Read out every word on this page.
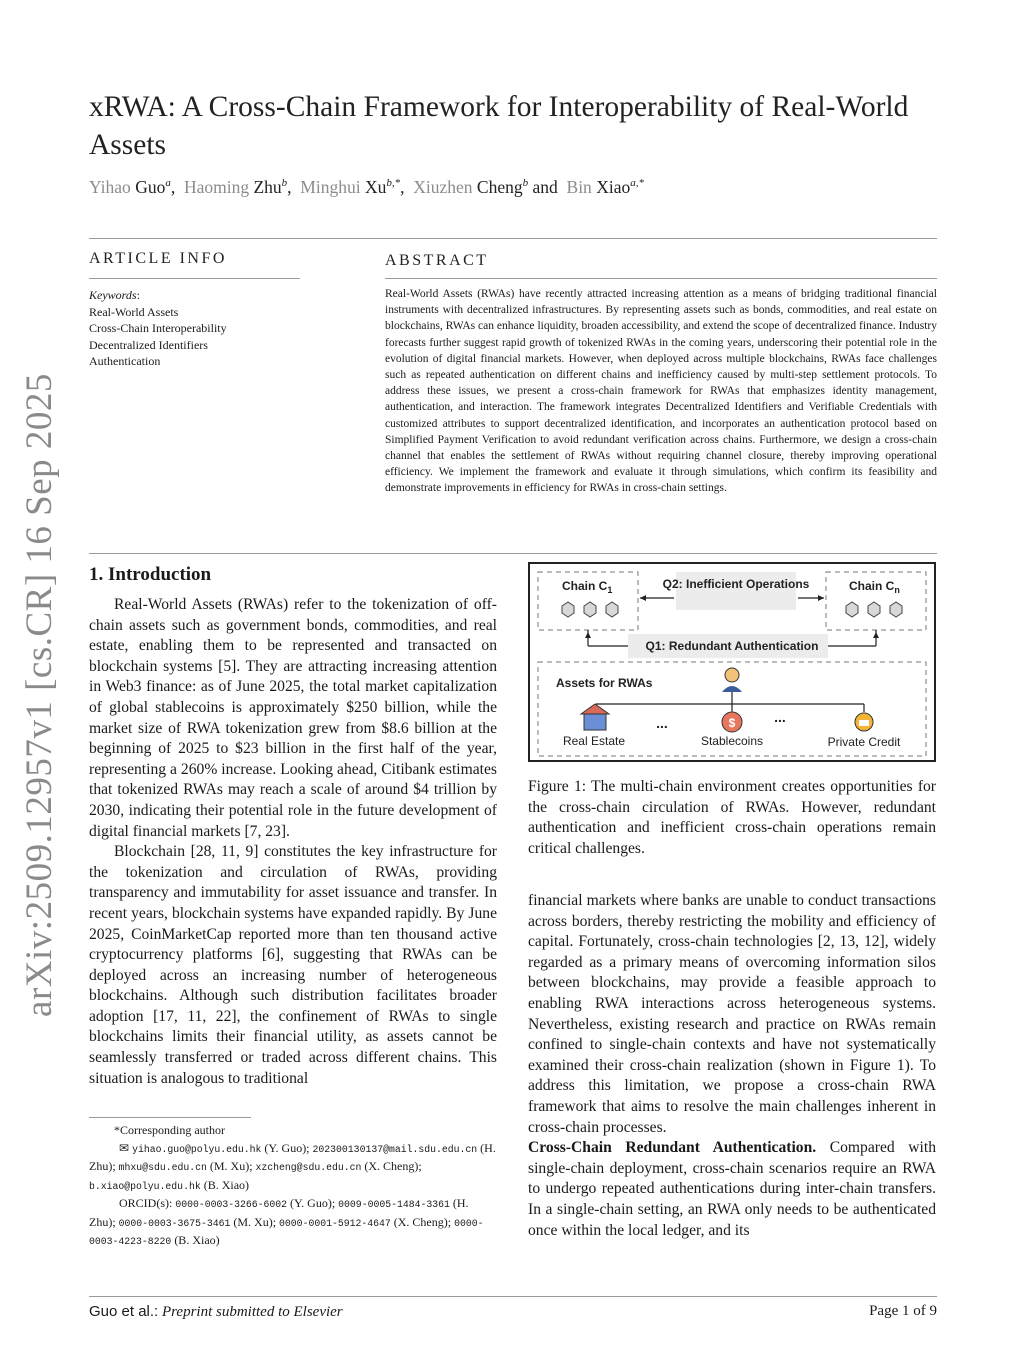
arXiv:2509.12957v1 [cs.CR] 16 Sep 2025
xRWA: A Cross-Chain Framework for Interoperability of Real-World Assets
Yihao Guo$^a$,  Haoming Zhu$^b$,  Minghui $Xu^{b,*}$,  Xiuzhen Cheng$^b$ and Bin Xiao$^{a,*}$
ARTICLE INFO
Keywords:
Real-World Assets
Cross-Chain Interoperability
Decentralized Identifiers
Authentication
ABSTRACT
Real-World Assets (RWAs) have recently attracted increasing attention as a means of bridging traditional financial instruments with decentralized infrastructures. By representing assets such as bonds, commodities, and real estate on blockchains, RWAs can enhance liquidity, broaden accessibility, and extend the scope of decentralized finance. Industry forecasts further suggest rapid growth of tokenized RWAs in the coming years, underscoring their potential role in the evolution of digital financial markets. However, when deployed across multiple blockchains, RWAs face challenges such as repeated authentication on different chains and inefficiency caused by multi-step settlement protocols. To address these issues, we present a cross-chain framework for RWAs that emphasizes identity management, authentication, and interaction. The framework integrates Decentralized Identifiers and Verifiable Credentials with customized attributes to support decentralized identification, and incorporates an authentication protocol based on Simplified Payment Verification to avoid redundant verification across chains. Furthermore, we design a cross-chain channel that enables the settlement of RWAs without requiring channel closure, thereby improving operational efficiency. We implement the framework and evaluate it through simulations, which confirm its feasibility and demonstrate improvements in efficiency for RWAs in cross-chain settings.
1. Introduction

Real-World Assets (RWAs) refer to the tokenization of off-chain assets such as government bonds, commodities, and real estate, enabling them to be represented and transacted on blockchain systems [5]. They are attracting increasing attention in Web3 finance: as of June 2025, the total market capitalization of global stablecoins is approximately $250 billion, while the market size of RWA tokenization grew from $8.6 billion at the beginning of 2025 to $23 billion in the first half of the year, representing a 260% increase. Looking ahead, Citibank estimates that tokenized RWAs may reach a scale of around $4 trillion by 2030, indicating their potential role in the future development of digital financial markets [7, 23].

Blockchain [28, 11, 9] constitutes the key infrastructure for the tokenization and circulation of RWAs, providing transparency and immutability for asset issuance and transfer. In recent years, blockchain systems have expanded rapidly. By June 2025, CoinMarketCap reported more than ten thousand active cryptocurrency platforms [6], suggesting that RWAs can be deployed across an increasing number of heterogeneous blockchains. Although such distribution facilitates broader adoption [17, 11, 22], the confinement of RWAs to single blockchains limits their financial utility, as assets cannot be seamlessly transferred or traded across different chains. This situation is analogous to traditional

Chain $C_1$	Chain $C_n$
Q2: Inefficient Operations
Q1: Redundant Authentication
Assets for RWAs
$
...	...
Real Estate	Stablecoins	Private Credit
Figure 1: The multi-chain environment creates opportunities for the cross-chain circulation of RWAs. However, redundant authentication and inefficient cross-chain operations remain critical challenges.

financial markets where banks are unable to conduct transactions across borders, thereby restricting the mobility and efficiency of capital. Fortunately, cross-chain technologies [2, 13, 12], widely regarded as a primary means of overcoming information silos between blockchains, may provide a feasible approach to enabling RWA interactions across heterogeneous systems. Nevertheless, existing research and practice on RWAs remain confined to single-chain contexts and have not systematically examined their cross-chain realization (shown in Figure 1). To address this limitation, we propose a cross-chain RWA framework that aims to resolve the main challenges inherent in cross-chain processes.

Cross-Chain Redundant Authentication. Compared with single-chain deployment, cross-chain scenarios require an RWA to undergo repeated authentications during inter-chain transfers. In a single-chain setting, an RWA only needs to be authenticated once within the local ledger, and its

*Corresponding author
✉ yihao.guo@polyu.edu.hk (Y. Guo); 202300130137@mail.sdu.edu.cn (H. Zhu); mhxu@sdu.edu.cn (M. Xu); xzcheng@sdu.edu.cn (X. Cheng); b.xiao@polyu.edu.hk (B. Xiao)
ORCID(s): 0000-0003-3266-6002 (Y. Guo); 0009-0005-1484-3361 (H. Zhu); 0000-0003-3675-3461 (M. Xu); 0000-0001-5912-4647 (X. Cheng); 0000-0003-4223-8220 (B. Xiao)
Guo et al.: Preprint submitted to Elsevier	Page 1 of 9
